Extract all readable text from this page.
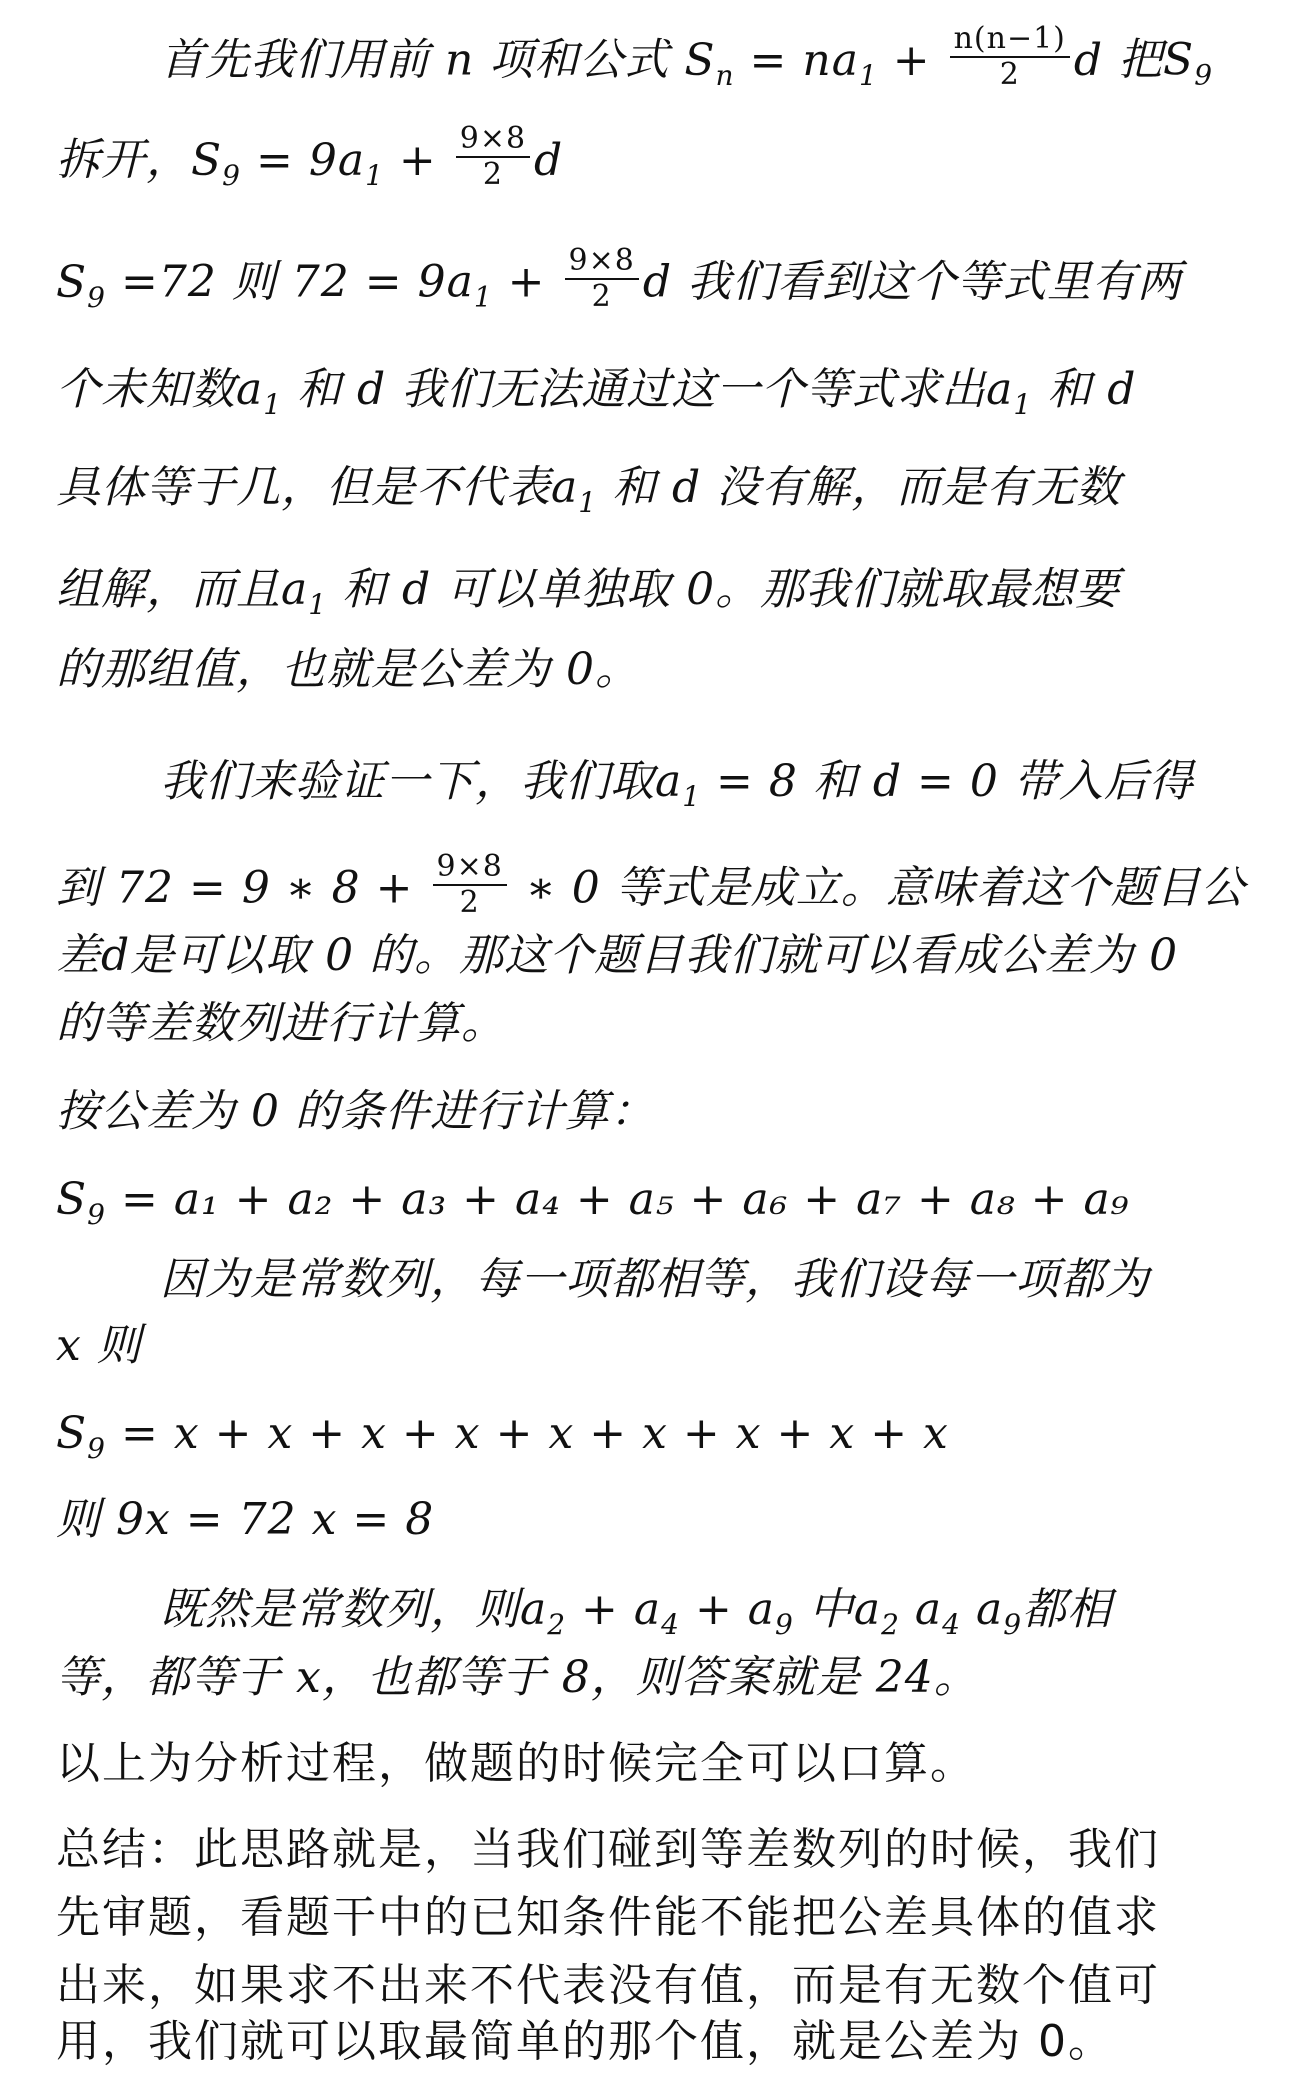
首先我们用前 n 项和公式 $S_n = na_1 + \frac{n(n-1)}{2}$ d 把$S_9$
拆开，$S_9 = 9a_1 + \frac{9\times 8}{2}$ d
$S_9 =72$ 则 $72 = 9a_1 + \frac{9\times 8}{2}$ d 我们看到这个等式里有两
个未知数$a_1$ 和 d 我们无法通过这一个等式求出$a_1$ 和 d
具体等于几，但是不代表$a_1$ 和 d 没有解，而是有无数
组解，而且$a_1$ 和 d 可以单独取 0。那我们就取最想要
的那组值，也就是公差为 0。
我们来验证一下，我们取$a_1 = 8$ 和 d = 0 带入后得
到 72 = 9 ∗ $8 + \frac{9\times 8}{2}$ ∗ 0 等式是成立。意味着这个题目公
差d是可以取 0 的。那这个题目我们就可以看成公差为 0
的等差数列进行计算。
按公差为 0 的条件进行计算：
$S_9 = a_1 + a_2 + a_3 + a_4 + a_5 + a_6 + a_7 + a_8 + a_9$
因为是常数列，每一项都相等，我们设每一项都为
x 则
$S_9 = x + x + x + x + x + x + x + x + x$
则 9x = 72 x = 8
既然是常数列，则$a_2 + a_4 + a_9$ 中$a_2$ $a_4$ $a_9$都相
等，都等于 x，也都等于 8，则答案就是 24。
以上为分析过程，做题的时候完全可以口算。
总结：此思路就是，当我们碰到等差数列的时候，我们
先审题，看题干中的已知条件能不能把公差具体的值求
出来，如果求不出来不代表没有值，而是有无数个值可
用，我们就可以取最简单的那个值，就是公差为 0。
